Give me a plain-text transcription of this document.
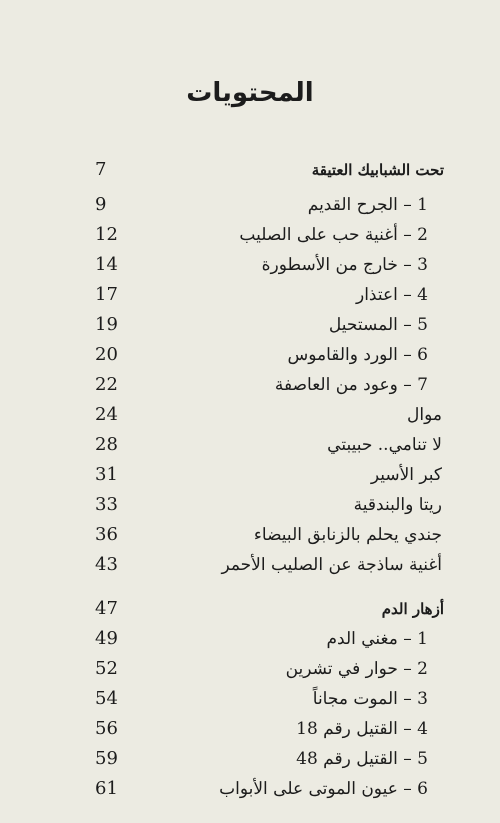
المحتويات
تحت الشبابيك العتيقة
7
1 – الجرح القديم
9
2 – أغنية حب على الصليب
12
3 – خارج من الأسطورة
14
4 – اعتذار
17
5 – المستحيل
19
6 – الورد والقاموس
20
7 – وعود من العاصفة
22
موال
24
لا تنامي.. حبيبتي
28
كبر الأسير
31
ريتا والبندقية
33
جندي يحلم بالزنابق البيضاء
36
أغنية ساذجة عن الصليب الأحمر
43
أزهار الدم
47
1 – مغني الدم
49
2 – حوار في تشرين
52
3 – الموت مجاناً
54
4 – القتيل رقم 18
56
5 – القتيل رقم 48
59
6 – عيون الموتى على الأبواب
61
